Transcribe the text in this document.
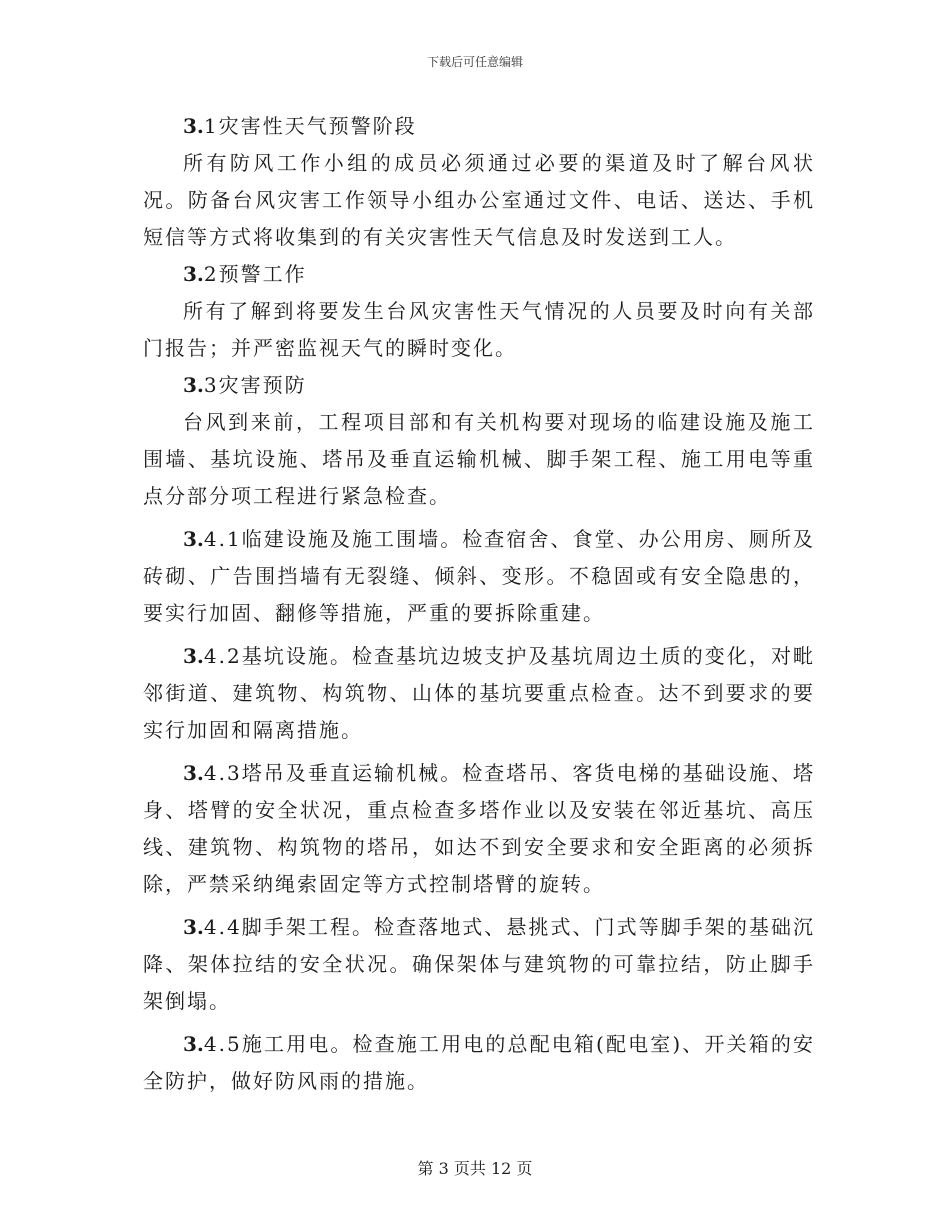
下载后可任意编辑

3.1灾害性天气预警阶段

所有防风工作小组的成员必须通过必要的渠道及时了解台风状况。防备台风灾害工作领导小组办公室通过文件、电话、送达、手机短信等方式将收集到的有关灾害性天气信息及时发送到工人。

3.2预警工作

所有了解到将要发生台风灾害性天气情况的人员要及时向有关部门报告；并严密监视天气的瞬时变化。

3.3灾害预防

台风到来前，工程项目部和有关机构要对现场的临建设施及施工围墙、基坑设施、塔吊及垂直运输机械、脚手架工程、施工用电等重点分部分项工程进行紧急检查。

3.4.1临建设施及施工围墙。检查宿舍、食堂、办公用房、厕所及砖砌、广告围挡墙有无裂缝、倾斜、变形。不稳固或有安全隐患的，要实行加固、翻修等措施，严重的要拆除重建。

3.4.2基坑设施。检查基坑边坡支护及基坑周边土质的变化，对毗邻街道、建筑物、构筑物、山体的基坑要重点检查。达不到要求的要实行加固和隔离措施。

3.4.3塔吊及垂直运输机械。检查塔吊、客货电梯的基础设施、塔身、塔臂的安全状况，重点检查多塔作业以及安装在邻近基坑、高压线、建筑物、构筑物的塔吊，如达不到安全要求和安全距离的必须拆除，严禁采纳绳索固定等方式控制塔臂的旋转。

3.4.4脚手架工程。检查落地式、悬挑式、门式等脚手架的基础沉降、架体拉结的安全状况。确保架体与建筑物的可靠拉结，防止脚手架倒塌。

3.4.5施工用电。检查施工用电的总配电箱(配电室)、开关箱的安全防护，做好防风雨的措施。

第 3 页共 12 页
